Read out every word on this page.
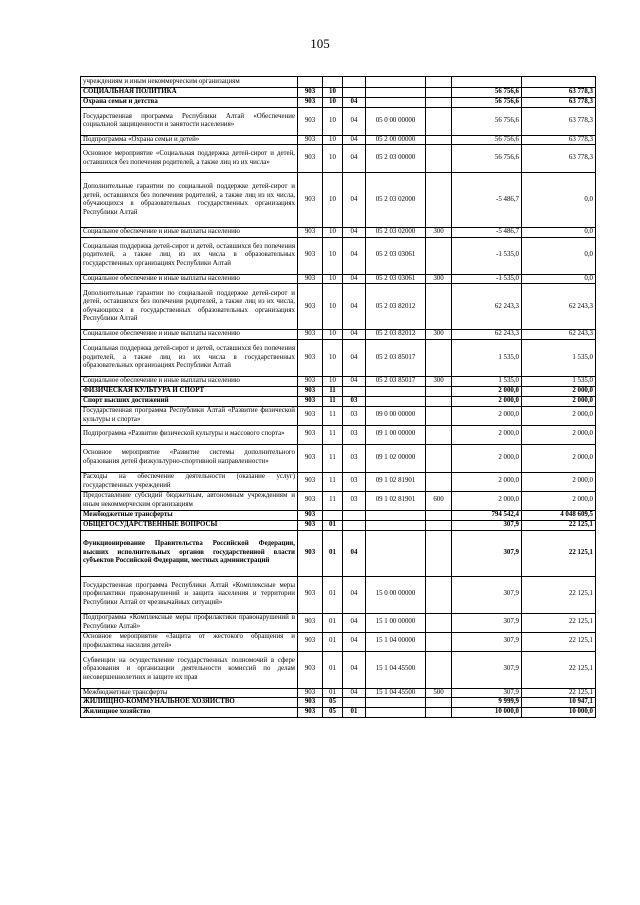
105
учреждениям и иным некоммерческим организациям							
СОЦИАЛЬНАЯ ПОЛИТИКА	903	10				56 756,6	63 778,3
Охрана семьи и детства	903	10	04			56 756,6	63 778,3
Государственная программа Республики Алтай «Обеспечение социальной защищенности и занятости населения»	903	10	04	05 0 00 00000		56 756,6	63 778,3
Подпрограмма «Охрана семьи и детей»	903	10	04	05 2 00 00000		56 756,6	63 778,3
Основное мероприятие «Социальная поддержка детей-сирот и детей, оставшихся без попечения родителей, а также лиц из их числа»	903	10	04	05 2 03 00000		56 756,6	63 778,3
Дополнительные гарантии по социальной поддержке детей-сирот и детей, оставшихся без попечения родителей, а также лиц из их числа, обучающихся в образовательных государственных организациях Республики Алтай	903	10	04	05 2 03 02000		-5 486,7	0,0
Социальное обеспечение и иные выплаты населению	903	10	04	05 2 03 02000	300	-5 486,7	0,0
Социальная поддержка детей-сирот и детей, оставшихся без попечения родителей, а также лиц из их числа в образовательных государственных организациях Республики Алтай	903	10	04	05 2 03 03061		-1 535,0	0,0
Социальное обеспечение и иные выплаты населению	903	10	04	05 2 03 03061	300	-1 535,0	0,0
Дополнительные гарантии по социальной поддержке детей-сирот и детей, оставшихся без попечения родителей, а также лиц из их числа, обучающихся в государственных образовательных организациях Республики Алтай	903	10	04	05 2 03 82012		62 243,3	62 243,3
Социальное обеспечение и иные выплаты населению	903	10	04	05 2 03 82012	300	62 243,3	62 243,3
Социальная поддержка детей-сирот и детей, оставшихся без попечения родителей, а также лиц из их числа в государственных образовательных организациях Республики Алтай	903	10	04	05 2 03 85017		1 535,0	1 535,0
Социальное обеспечение и иные выплаты населению	903	10	04	05 2 03 85017	300	1 535,0	1 535,0
ФИЗИЧЕСКАЯ КУЛЬТУРА И СПОРТ	903	11				2 000,0	2 000,0
Спорт высших достижений	903	11	03			2 000,0	2 000,0
Государственная программа Республики Алтай «Развитие физической культуры и спорта»	903	11	03	09 0 00 00000		2 000,0	2 000,0
Подпрограмма «Развитие физической культуры и массового спорта»	903	11	03	09 1 00 00000		2 000,0	2 000,0
Основное мероприятие «Развитие системы дополнительного образования детей физкультурно-спортивной направленности»	903	11	03	09 1 02 00000		2 000,0	2 000,0
Расходы на обеспечение деятельности (оказание услуг) государственных учреждений	903	11	03	09 1 02 81901		2 000,0	2 000,0
Предоставление субсидий бюджетным, автономным учреждениям и иным некоммерческим организациям	903	11	03	09 1 02 81901	600	2 000,0	2 000,0
Межбюджетные трансферты	903					794 542,4	4 048 609,5
ОБЩЕГОСУДАРСТВЕННЫЕ ВОПРОСЫ	903	01				307,9	22 125,1
Функционирование Правительства Российской Федерации, высших исполнительных органов государственной власти субъектов Российской Федерации, местных администраций	903	01	04			307,9	22 125,1
Государственная программа Республики Алтай «Комплексные меры профилактики правонарушений и защита населения и территории Республики Алтай от чрезвычайных ситуаций»	903	01	04	15 0 00 00000		307,9	22 125,1
Подпрограмма «Комплексные меры профилактики правонарушений в Республике Алтай»	903	01	04	15 1 00 00000		307,9	22 125,1
Основное мероприятие «Защита от жестокого обращения и профилактика насилия детей»	903	01	04	15 1 04 00000		307,9	22 125,1
Субвенции на осуществление государственных полномочий в сфере образования и организации деятельности комиссий по делам несовершеннолетних и защите их прав	903	01	04	15 1 04 45500		307,9	22 125,1
Межбюджетные трансферты	903	01	04	15 1 04 45500	500	307,9	22 125,1
ЖИЛИЩНО-КОММУНАЛЬНОЕ ХОЗЯЙСТВО	903	05				9 999,9	10 947,1
Жилищное хозяйство	903	05	01			10 000,0	10 000,0
